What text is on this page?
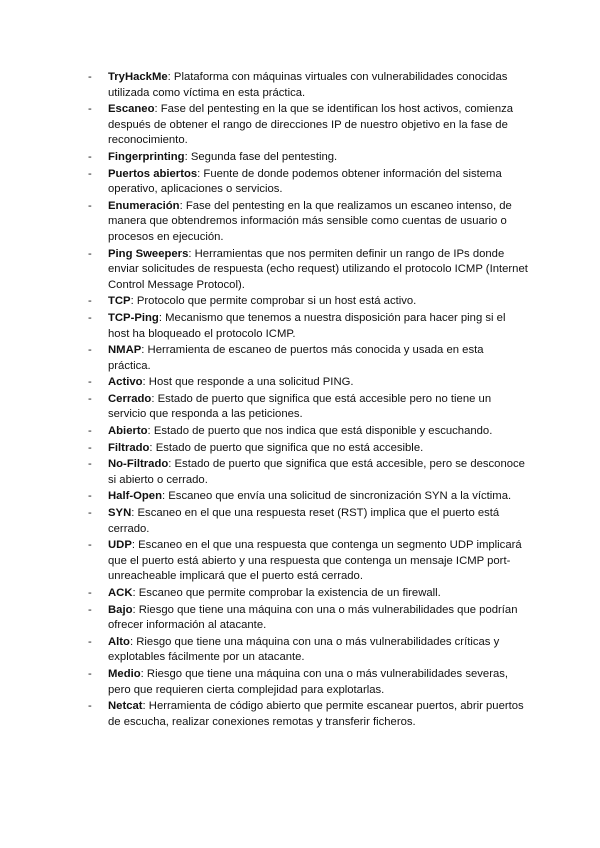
- TryHackMe: Plataforma con máquinas virtuales con vulnerabilidades conocidas utilizada como víctima en esta práctica.
- Escaneo: Fase del pentesting en la que se identifican los host activos, comienza después de obtener el rango de direcciones IP de nuestro objetivo en la fase de reconocimiento.
- Fingerprinting: Segunda fase del pentesting.
- Puertos abiertos: Fuente de donde podemos obtener información del sistema operativo, aplicaciones o servicios.
- Enumeración: Fase del pentesting en la que realizamos un escaneo intenso, de manera que obtendremos información más sensible como cuentas de usuario o procesos en ejecución.
- Ping Sweepers: Herramientas que nos permiten definir un rango de IPs donde enviar solicitudes de respuesta (echo request) utilizando el protocolo ICMP (Internet Control Message Protocol).
- TCP: Protocolo que permite comprobar si un host está activo.
- TCP-Ping: Mecanismo que tenemos a nuestra disposición para hacer ping si el host ha bloqueado el protocolo ICMP.
- NMAP: Herramienta de escaneo de puertos más conocida y usada en esta práctica.
- Activo: Host que responde a una solicitud PING.
- Cerrado: Estado de puerto que significa que está accesible pero no tiene un servicio que responda a las peticiones.
- Abierto: Estado de puerto que nos indica que está disponible y escuchando.
- Filtrado: Estado de puerto que significa que no está accesible.
- No-Filtrado: Estado de puerto que significa que está accesible, pero se desconoce si abierto o cerrado.
- Half-Open: Escaneo que envía una solicitud de sincronización SYN a la víctima.
- SYN: Escaneo en el que una respuesta reset (RST) implica que el puerto está cerrado.
- UDP: Escaneo en el que una respuesta que contenga un segmento UDP implicará que el puerto está abierto y una respuesta que contenga un mensaje ICMP port-unreacheable implicará que el puerto está cerrado.
- ACK: Escaneo que permite comprobar la existencia de un firewall.
- Bajo: Riesgo que tiene una máquina con una o más vulnerabilidades que podrían ofrecer información al atacante.
- Alto: Riesgo que tiene una máquina con una o más vulnerabilidades críticas y explotables fácilmente por un atacante.
- Medio: Riesgo que tiene una máquina con una o más vulnerabilidades severas, pero que requieren cierta complejidad para explotarlas.
- Netcat: Herramienta de código abierto que permite escanear puertos, abrir puertos de escucha, realizar conexiones remotas y transferir ficheros.
